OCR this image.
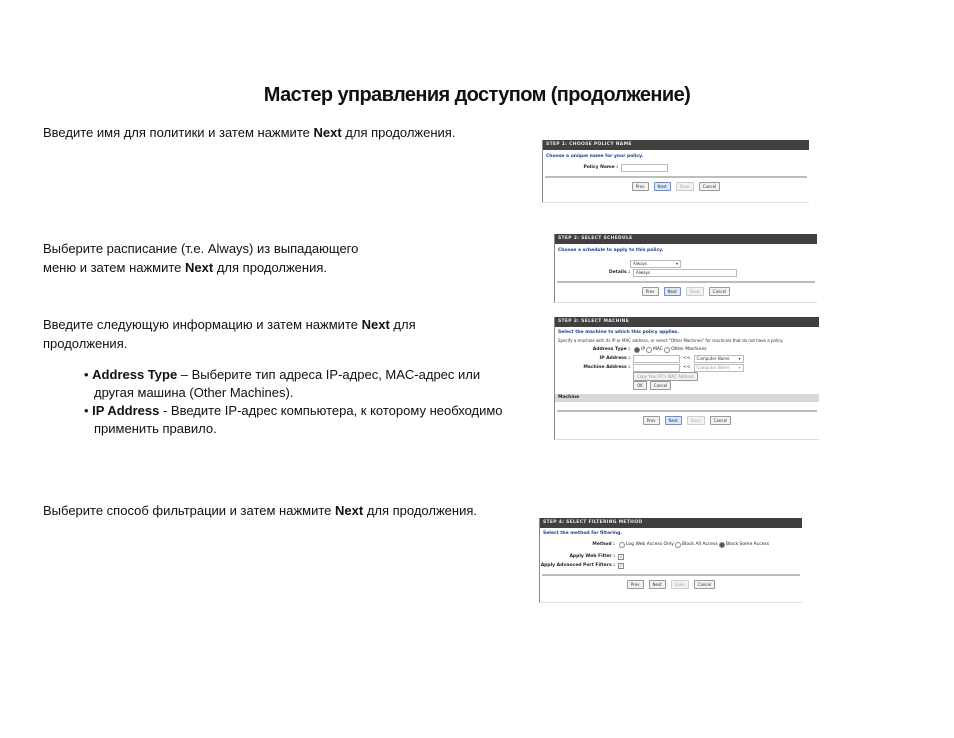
Мастер управления доступом (продолжение)
Введите имя для политики и затем нажмите Next для продолжения.
Выберите расписание (т.е. Always) из выпадающего
меню и затем нажмите Next для продолжения.
Введите следующую информацию и затем нажмите Next для
продолжения.
• Address Type – Выберите тип адреса IP-адрес, MAC-адрес или другая машина (Other Machines).
• IP Address - Введите IP-адрес компьютера, к которому необходимо применить правило.
Выберите способ фильтрации и затем нажмите Next для продолжения.
STEP 1: CHOOSE POLICY NAME
Choose a unique name for your policy.
Policy Name :
Prev	Next	Save	Cancel
STEP 2: SELECT SCHEDULE
Choose a schedule to apply to this policy.
Always	▾
Details :	Always
Prev	Next	Save	Cancel
STEP 3: SELECT MACHINE
Select the machine to which this policy applies.
Specify a machine with its IP or MAC address, or select "Other Machines" for machines that do not have a policy.
Address Type :	IP MAC Other Machines
IP Address :	<<	Computer Name ▾
Machine Address :	<<	Computer Name ▾
Copy Your PC's MAC Address
OK	Cancel
Machine
Prev	Next	Save	Cancel
STEP 4: SELECT FILTERING METHOD
Select the method for filtering.
Method :	Log Web Access Only Block All Access Block Some Access
Apply Web Filter :	✓
Apply Advanced Port Filters :	✓
Prev	Next	Save	Cancel
